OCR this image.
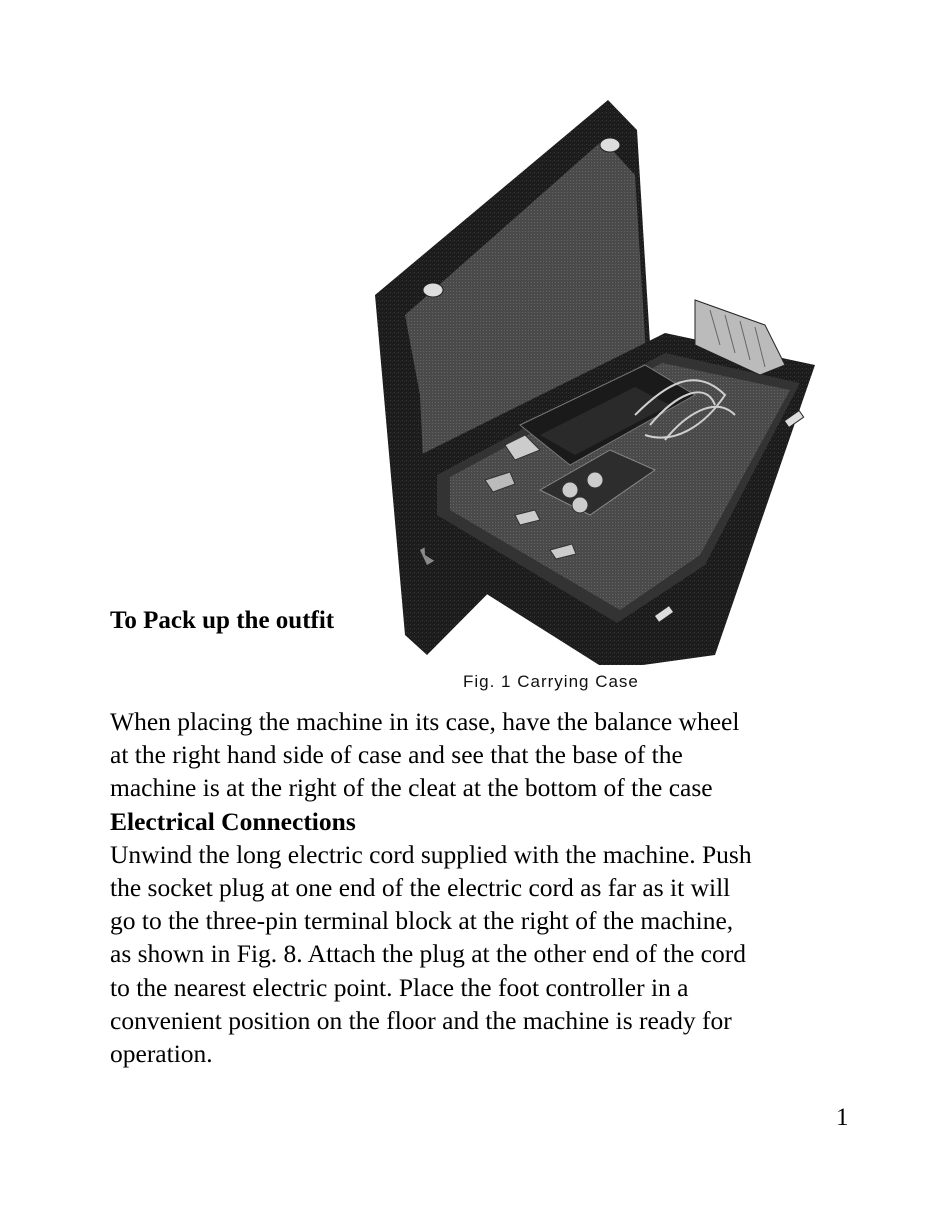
Fig. 1 Carrying Case
To Pack up the outfit
When placing the machine in its case, have the balance wheel
at the right hand side of case and see that the base of the
machine is at the right of the cleat at the bottom of the case
Electrical Connections
Unwind the long electric cord supplied with the machine. Push
the socket plug at one end of the electric cord as far as it will
go to the three-pin terminal block at the right of the machine,
as shown in Fig. 8. Attach the plug at the other end of the cord
to the nearest electric point. Place the foot controller in a
convenient position on the floor and the machine is ready for
operation.
1
